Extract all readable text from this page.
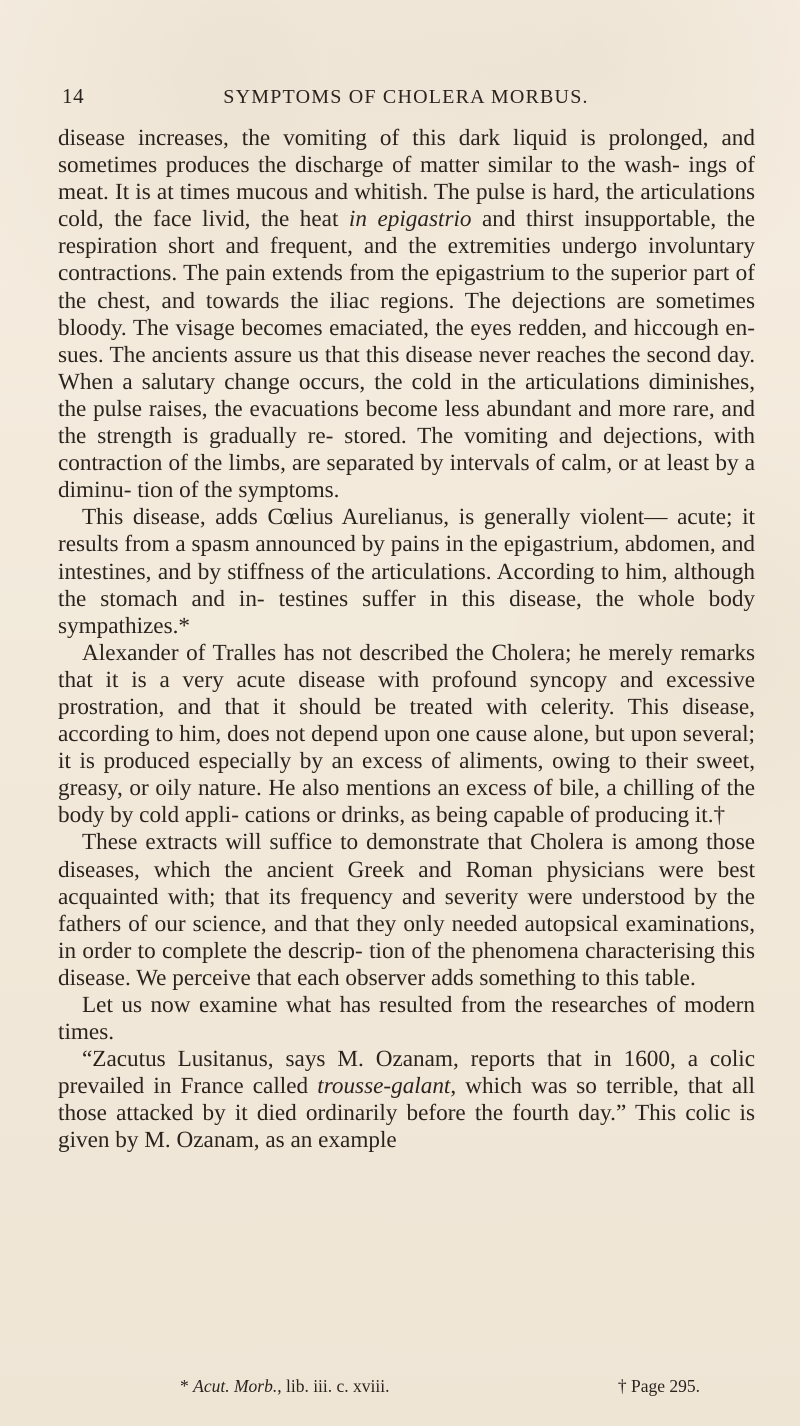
14	SYMPTOMS OF CHOLERA MORBUS.

disease increases, the vomiting of this dark liquid is prolonged, and sometimes produces the discharge of matter similar to the wash- ings of meat. It is at times mucous and whitish. The pulse is hard, the articulations cold, the face livid, the heat in epigastrio and thirst insupportable, the respiration short and frequent, and the extremities undergo involuntary contractions. The pain extends from the epigastrium to the superior part of the chest, and towards the iliac regions. The dejections are sometimes bloody. The visage becomes emaciated, the eyes redden, and hiccough en- sues. The ancients assure us that this disease never reaches the second day. When a salutary change occurs, the cold in the articulations diminishes, the pulse raises, the evacuations become less abundant and more rare, and the strength is gradually re- stored. The vomiting and dejections, with contraction of the limbs, are separated by intervals of calm, or at least by a diminu- tion of the symptoms.

This disease, adds Cœlius Aurelianus, is generally violent— acute; it results from a spasm announced by pains in the epigastrium, abdomen, and intestines, and by stiffness of the articulations. According to him, although the stomach and in- testines suffer in this disease, the whole body sympathizes.*

Alexander of Tralles has not described the Cholera; he merely remarks that it is a very acute disease with profound syncopy and excessive prostration, and that it should be treated with celerity. This disease, according to him, does not depend upon one cause alone, but upon several; it is produced especially by an excess of aliments, owing to their sweet, greasy, or oily nature. He also mentions an excess of bile, a chilling of the body by cold appli- cations or drinks, as being capable of producing it.†

These extracts will suffice to demonstrate that Cholera is among those diseases, which the ancient Greek and Roman physicians were best acquainted with; that its frequency and severity were understood by the fathers of our science, and that they only needed autopsical examinations, in order to complete the descrip- tion of the phenomena characterising this disease. We perceive that each observer adds something to this table.

Let us now examine what has resulted from the researches of modern times.

“Zacutus Lusitanus, says M. Ozanam, reports that in 1600, a colic prevailed in France called trousse-galant, which was so terrible, that all those attacked by it died ordinarily before the fourth day.” This colic is given by M. Ozanam, as an example

* Acut. Morb., lib. iii. c. xviii.	† Page 295.
